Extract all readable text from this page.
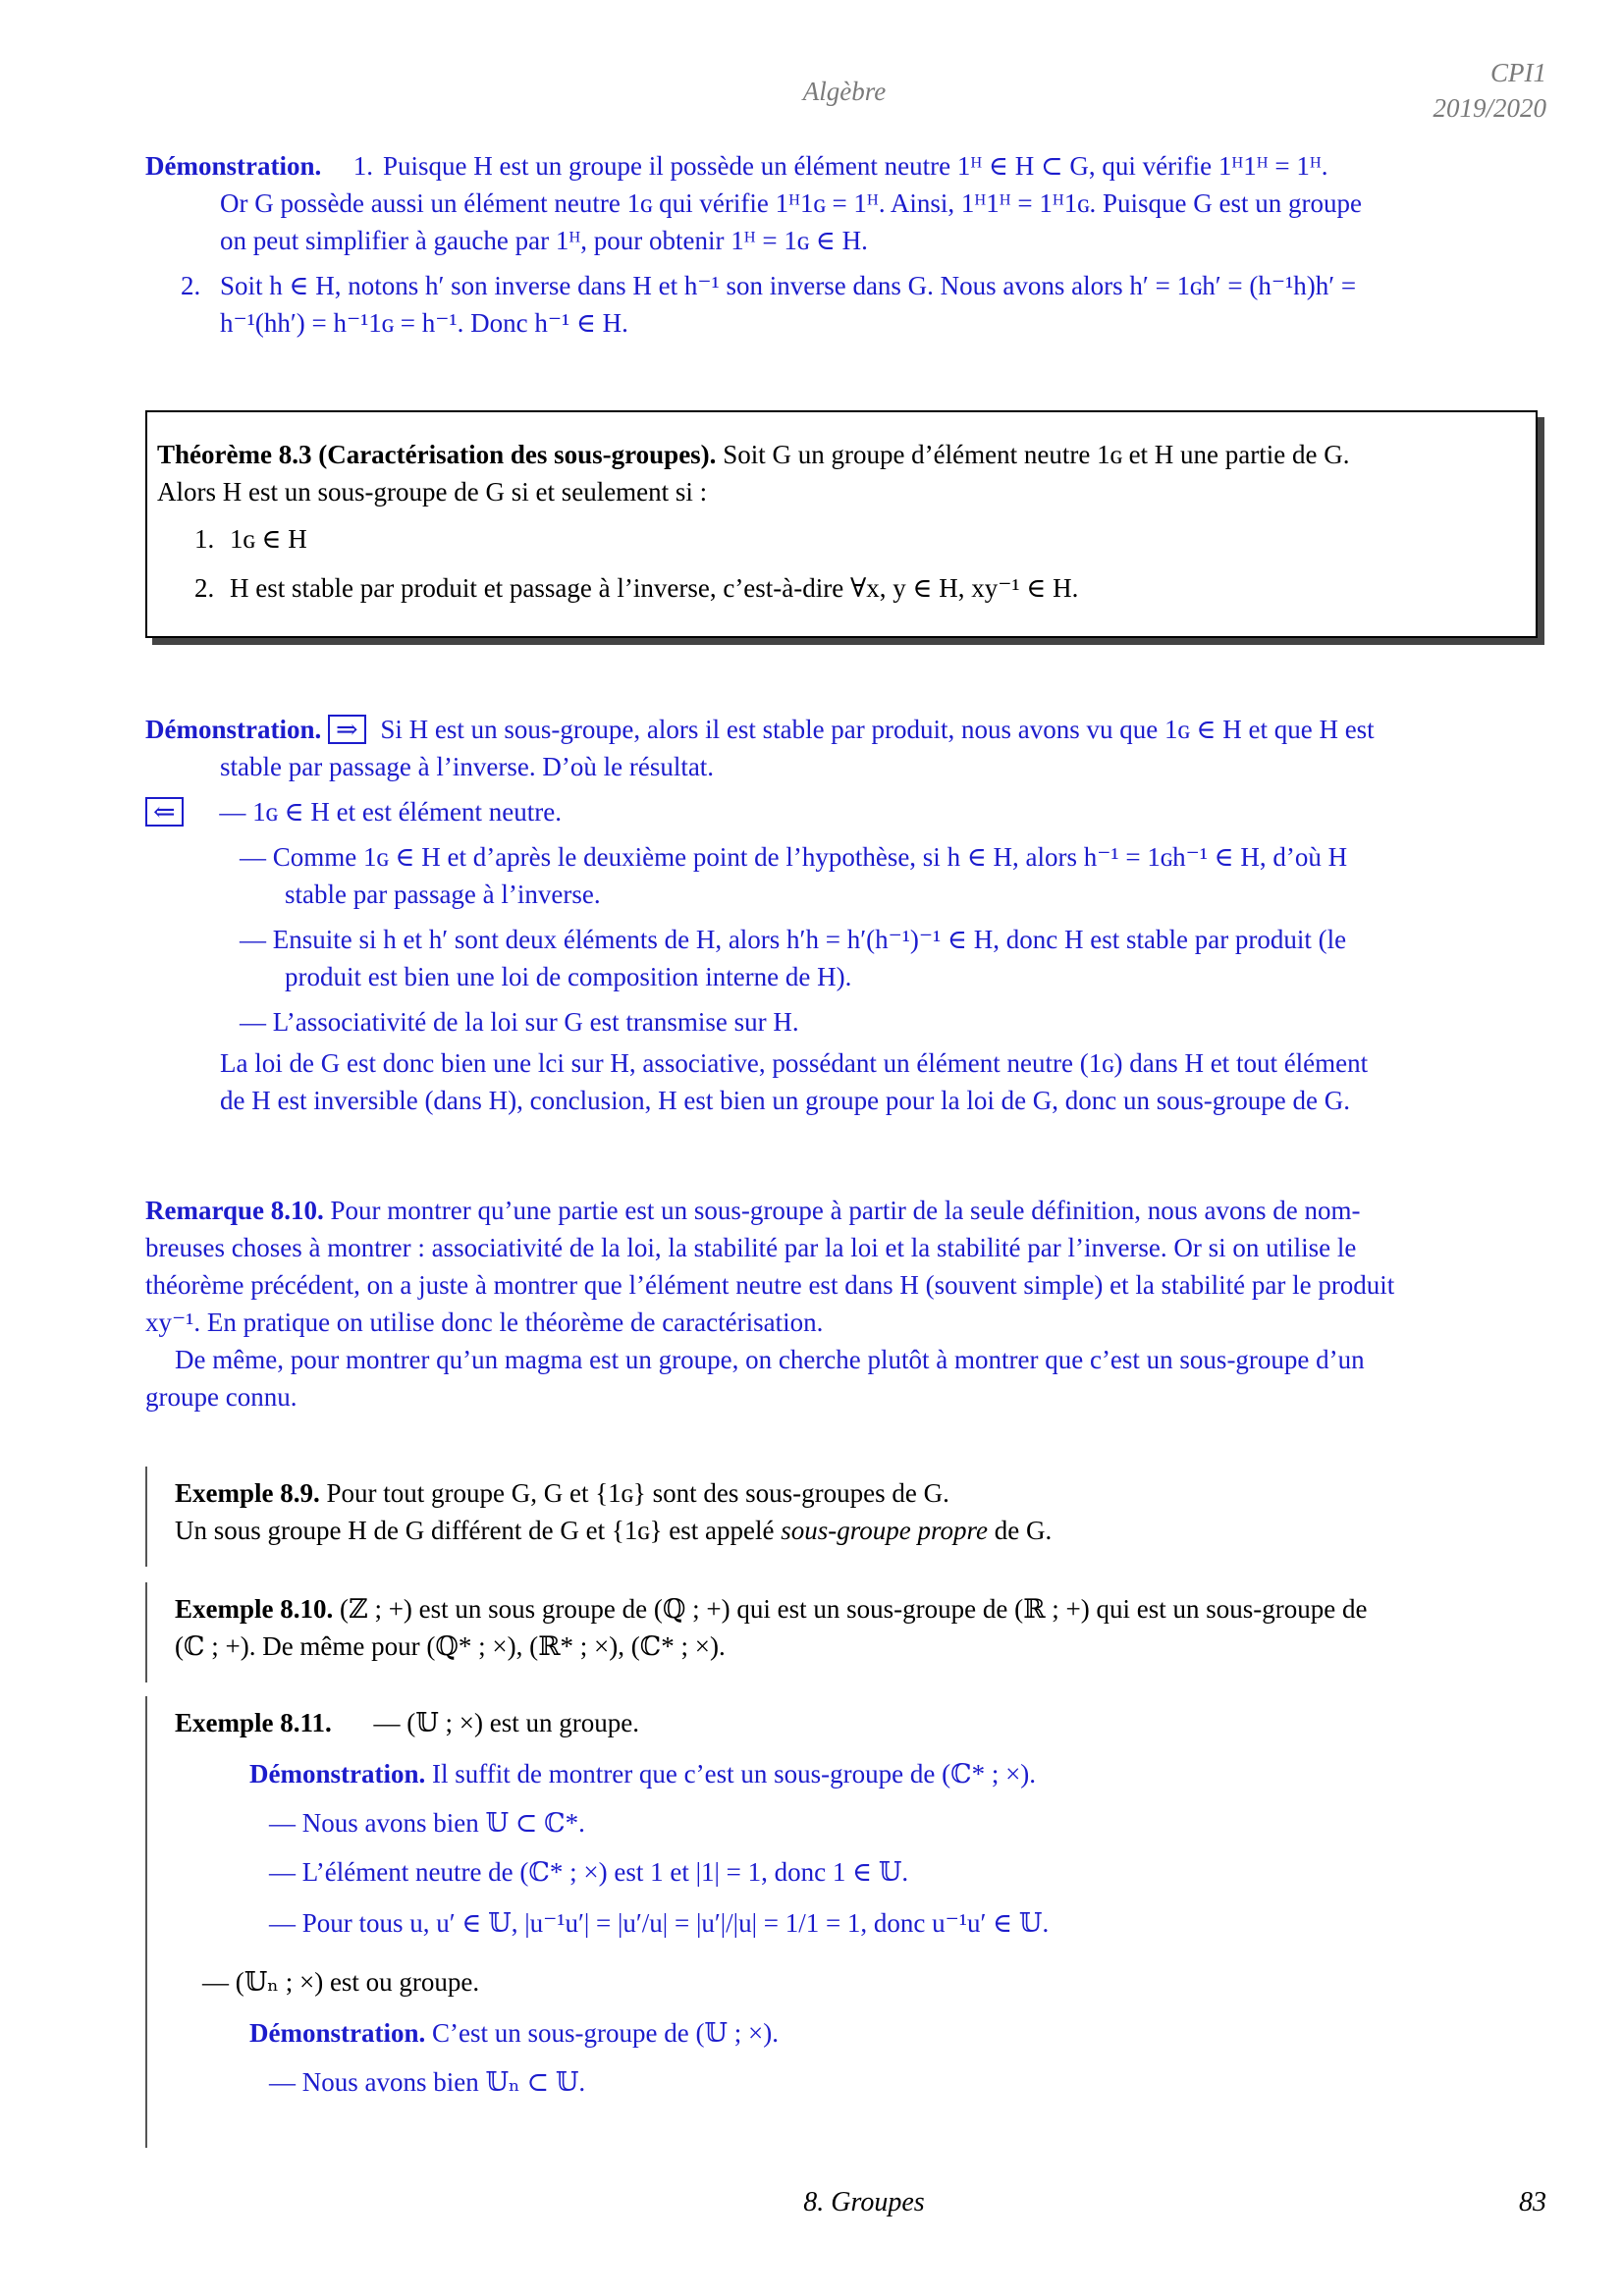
Algèbre
CPI1
2019/2020
Démonstration. 1. Puisque H est un groupe il possède un élément neutre 1ᴴ ∈ H ⊂ G, qui vérifie 1ᴴ1ᴴ = 1ᴴ.
Or G possède aussi un élément neutre 1ɢ qui vérifie 1ᴴ1ɢ = 1ᴴ. Ainsi, 1ᴴ1ᴴ = 1ᴴ1ɢ. Puisque G est un groupe
on peut simplifier à gauche par 1ᴴ, pour obtenir 1ᴴ = 1ɢ ∈ H.
2. Soit h ∈ H, notons h′ son inverse dans H et h⁻¹ son inverse dans G. Nous avons alors h′ = 1ɢh′ = (h⁻¹h)h′ =
h⁻¹(hh′) = h⁻¹1ɢ = h⁻¹. Donc h⁻¹ ∈ H.
Théorème 8.3 (Caractérisation des sous-groupes). Soit G un groupe d’élément neutre 1ɢ et H une partie de G.
Alors H est un sous-groupe de G si et seulement si :
1. 1ɢ ∈ H
2. H est stable par produit et passage à l’inverse, c’est-à-dire ∀x, y ∈ H, xy⁻¹ ∈ H.
Démonstration. ⇒ Si H est un sous-groupe, alors il est stable par produit, nous avons vu que 1ɢ ∈ H et que H est
stable par passage à l’inverse. D’où le résultat.
⇐ — 1ɢ ∈ H et est élément neutre.
— Comme 1ɢ ∈ H et d’après le deuxième point de l’hypothèse, si h ∈ H, alors h⁻¹ = 1ɢh⁻¹ ∈ H, d’où H
stable par passage à l’inverse.
— Ensuite si h et h′ sont deux éléments de H, alors h′h = h′(h⁻¹)⁻¹ ∈ H, donc H est stable par produit (le
produit est bien une loi de composition interne de H).
— L’associativité de la loi sur G est transmise sur H.
La loi de G est donc bien une lci sur H, associative, possédant un élément neutre (1ɢ) dans H et tout élément
de H est inversible (dans H), conclusion, H est bien un groupe pour la loi de G, donc un sous-groupe de G.
Remarque 8.10. Pour montrer qu’une partie est un sous-groupe à partir de la seule définition, nous avons de nom-
breuses choses à montrer : associativité de la loi, la stabilité par la loi et la stabilité par l’inverse. Or si on utilise le
théorème précédent, on a juste à montrer que l’élément neutre est dans H (souvent simple) et la stabilité par le produit
xy⁻¹. En pratique on utilise donc le théorème de caractérisation.
De même, pour montrer qu’un magma est un groupe, on cherche plutôt à montrer que c’est un sous-groupe d’un
groupe connu.
Exemple 8.9. Pour tout groupe G, G et {1ɢ} sont des sous-groupes de G.
Un sous groupe H de G différent de G et {1ɢ} est appelé sous-groupe propre de G.
Exemple 8.10. (ℤ ; +) est un sous groupe de (ℚ ; +) qui est un sous-groupe de (ℝ ; +) qui est un sous-groupe de
(ℂ ; +). De même pour (ℚ* ; ×), (ℝ* ; ×), (ℂ* ; ×).
Exemple 8.11. — (𝕌 ; ×) est un groupe.
Démonstration. Il suffit de montrer que c’est un sous-groupe de (ℂ* ; ×).
— Nous avons bien 𝕌 ⊂ ℂ*.
— L’élément neutre de (ℂ* ; ×) est 1 et |1| = 1, donc 1 ∈ 𝕌.
— Pour tous u, u′ ∈ 𝕌, |u⁻¹u′| = |u′/u| = |u′|/|u| = 1/1 = 1, donc u⁻¹u′ ∈ 𝕌.
— (𝕌ₙ ; ×) est ou groupe.
Démonstration. C’est un sous-groupe de (𝕌 ; ×).
— Nous avons bien 𝕌ₙ ⊂ 𝕌.
8. Groupes	83
